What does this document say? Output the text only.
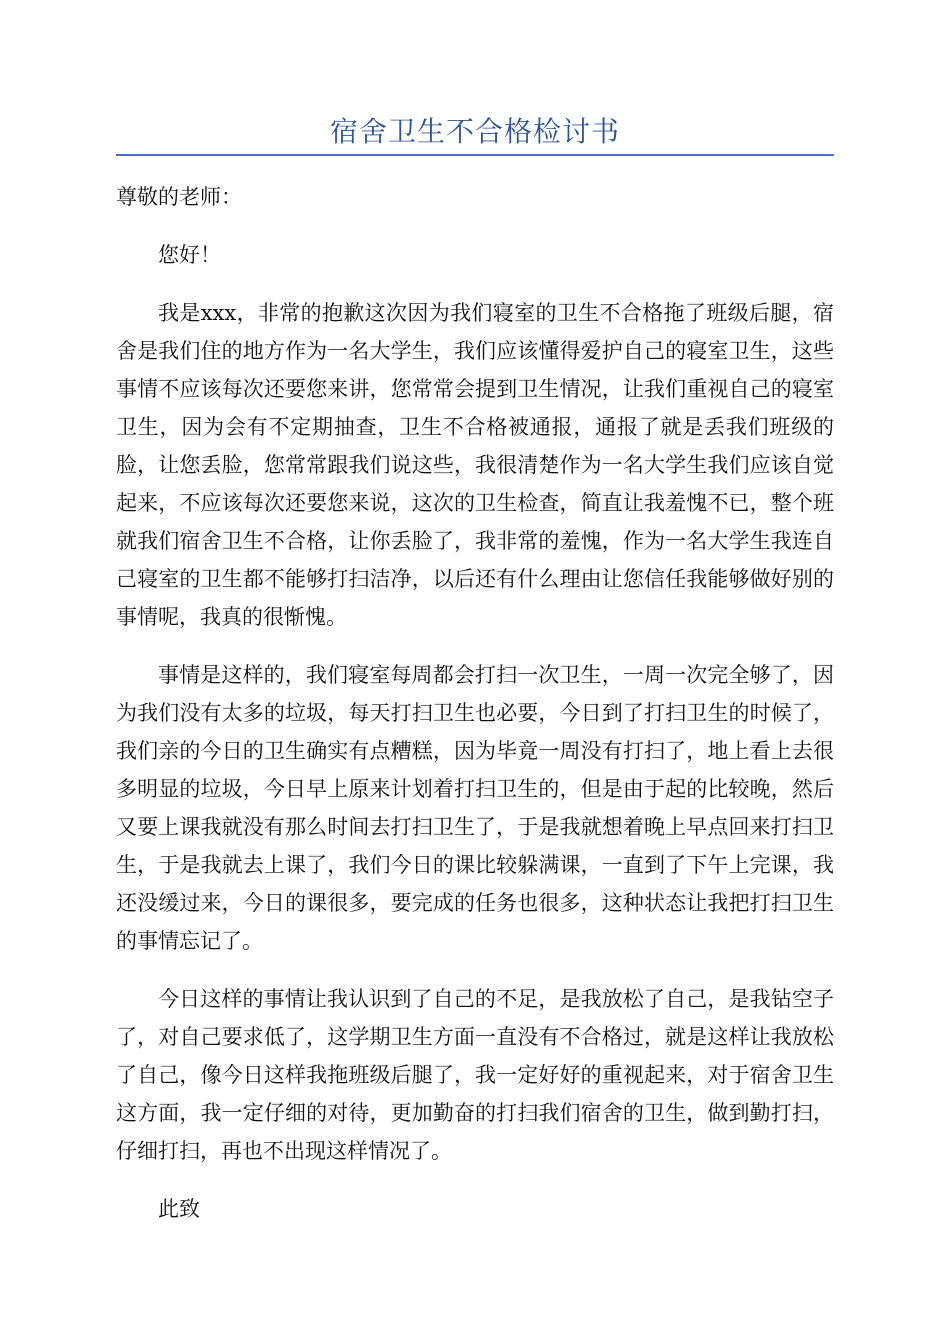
宿舍卫生不合格检讨书

尊敬的老师：

您好！

我是xxx，非常的抱歉这次因为我们寝室的卫生不合格拖了班级后腿，宿舍是我们住的地方作为一名大学生，我们应该懂得爱护自己的寝室卫生，这些事情不应该每次还要您来讲，您常常会提到卫生情况，让我们重视自己的寝室卫生，因为会有不定期抽查，卫生不合格被通报，通报了就是丢我们班级的脸，让您丢脸，您常常跟我们说这些，我很清楚作为一名大学生我们应该自觉起来，不应该每次还要您来说，这次的卫生检查，简直让我羞愧不已，整个班就我们宿舍卫生不合格，让你丢脸了，我非常的羞愧，作为一名大学生我连自己寝室的卫生都不能够打扫洁净，以后还有什么理由让您信任我能够做好别的事情呢，我真的很惭愧。

事情是这样的，我们寝室每周都会打扫一次卫生，一周一次完全够了，因为我们没有太多的垃圾，每天打扫卫生也必要，今日到了打扫卫生的时候了，我们亲的今日的卫生确实有点糟糕，因为毕竟一周没有打扫了，地上看上去很多明显的垃圾，今日早上原来计划着打扫卫生的，但是由于起的比较晚，然后又要上课我就没有那么时间去打扫卫生了，于是我就想着晚上早点回来打扫卫生，于是我就去上课了，我们今日的课比较躲满课，一直到了下午上完课，我还没缓过来，今日的课很多，要完成的任务也很多，这种状态让我把打扫卫生的事情忘记了。

今日这样的事情让我认识到了自己的不足，是我放松了自己，是我钻空子了，对自己要求低了，这学期卫生方面一直没有不合格过，就是这样让我放松了自己，像今日这样我拖班级后腿了，我一定好好的重视起来，对于宿舍卫生这方面，我一定仔细的对待，更加勤奋的打扫我们宿舍的卫生，做到勤打扫，仔细打扫，再也不出现这样情况了。

此致
